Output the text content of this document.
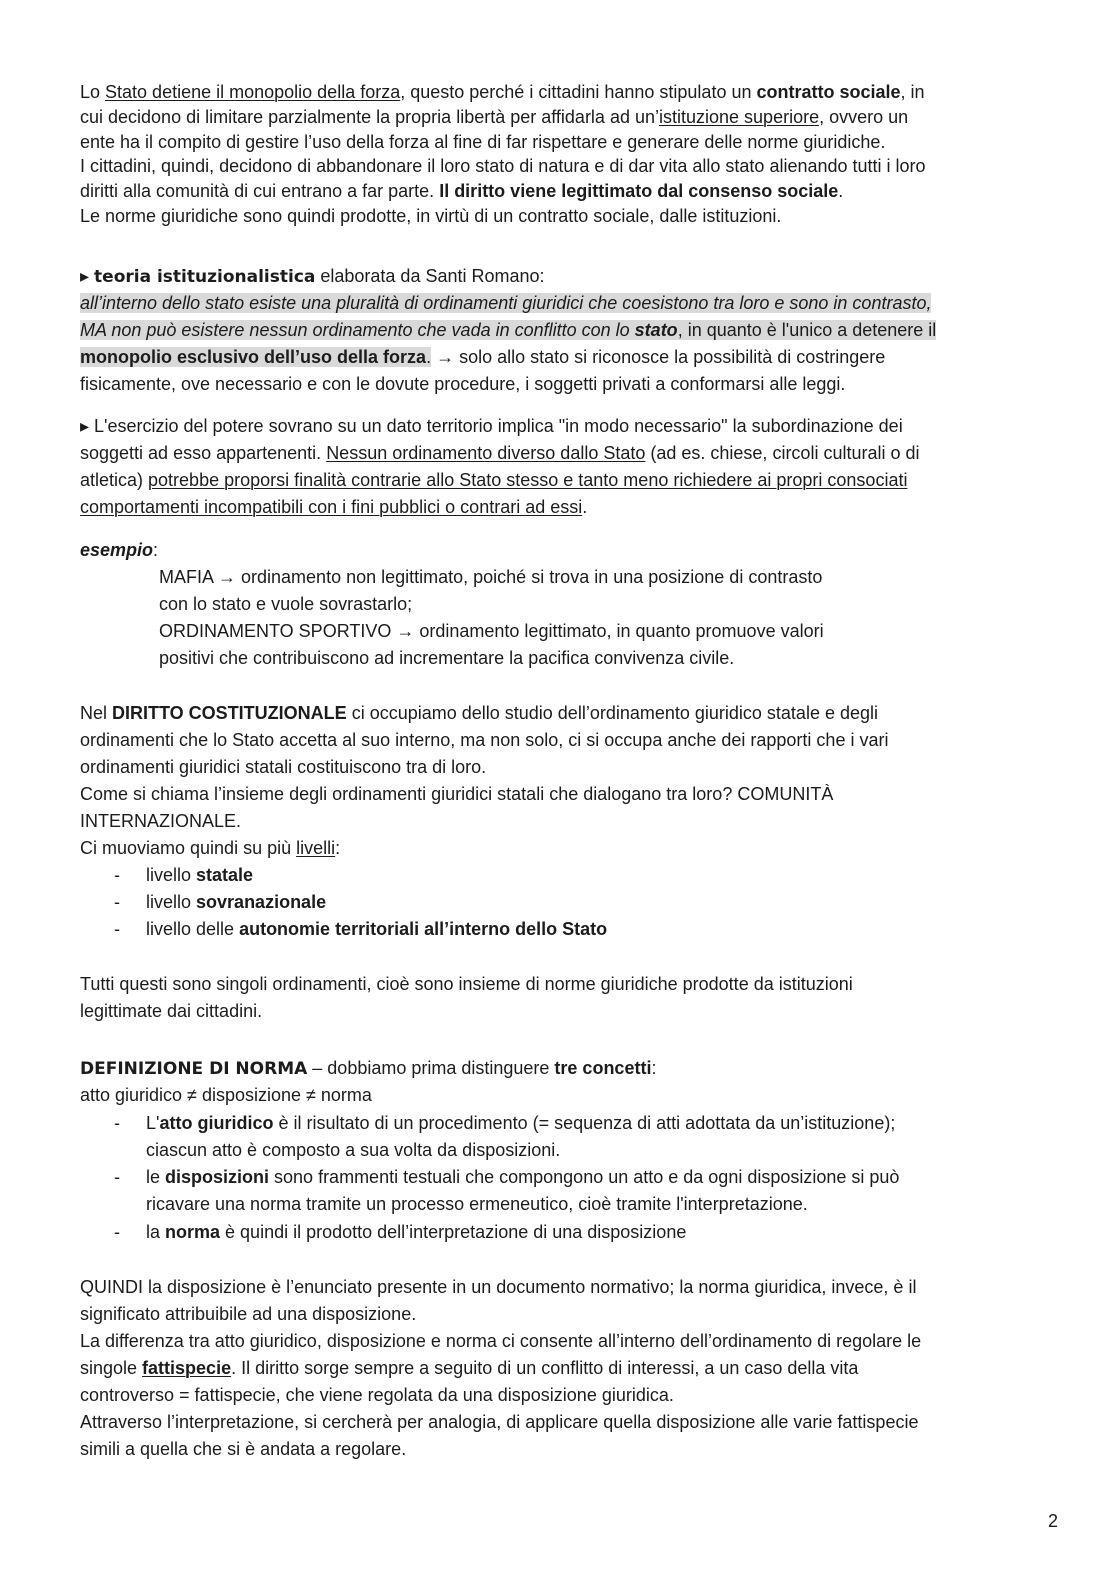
Lo Stato detiene il monopolio della forza, questo perché i cittadini hanno stipulato un contratto sociale, in
cui decidono di limitare parzialmente la propria libertà per affidarla ad un’istituzione superiore, ovvero un
ente ha il compito di gestire l’uso della forza al fine di far rispettare e generare delle norme giuridiche.
I cittadini, quindi, decidono di abbandonare il loro stato di natura e di dar vita allo stato alienando tutti i loro
diritti alla comunità di cui entrano a far parte. Il diritto viene legittimato dal consenso sociale.
Le norme giuridiche sono quindi prodotte, in virtù di un contratto sociale, dalle istituzioni.
▸ teoria istituzionalistica elaborata da Santi Romano:
all’interno dello stato esiste una pluralità di ordinamenti giuridici che coesistono tra loro e sono in contrasto,
MA non può esistere nessun ordinamento che vada in conflitto con lo stato, in quanto è l'unico a detenere il
monopolio esclusivo dell’uso della forza. → solo allo stato si riconosce la possibilità di costringere
fisicamente, ove necessario e con le dovute procedure, i soggetti privati a conformarsi alle leggi.
▸ L'esercizio del potere sovrano su un dato territorio implica "in modo necessario" la subordinazione dei
soggetti ad esso appartenenti. Nessun ordinamento diverso dallo Stato (ad es. chiese, circoli culturali o di
atletica) potrebbe proporsi finalità contrarie allo Stato stesso e tanto meno richiedere ai propri consociati
comportamenti incompatibili con i fini pubblici o contrari ad essi.
esempio:
MAFIA → ordinamento non legittimato, poiché si trova in una posizione di contrasto
con lo stato e vuole sovrastarlo;
ORDINAMENTO SPORTIVO → ordinamento legittimato, in quanto promuove valori
positivi che contribuiscono ad incrementare la pacifica convivenza civile.
Nel DIRITTO COSTITUZIONALE ci occupiamo dello studio dell’ordinamento giuridico statale e degli
ordinamenti che lo Stato accetta al suo interno, ma non solo, ci si occupa anche dei rapporti che i vari
ordinamenti giuridici statali costituiscono tra di loro.
Come si chiama l’insieme degli ordinamenti giuridici statali che dialogano tra loro? COMUNITÀ
INTERNAZIONALE.
Ci muoviamo quindi su più livelli:
- livello statale
- livello sovranazionale
- livello delle autonomie territoriali all’interno dello Stato
Tutti questi sono singoli ordinamenti, cioè sono insieme di norme giuridiche prodotte da istituzioni
legittimate dai cittadini.
DEFINIZIONE DI NORMA – dobbiamo prima distinguere tre concetti:
atto giuridico ≠ disposizione ≠ norma
- L'atto giuridico è il risultato di un procedimento (= sequenza di atti adottata da un’istituzione);
ciascun atto è composto a sua volta da disposizioni.
- le disposizioni sono frammenti testuali che compongono un atto e da ogni disposizione si può
ricavare una norma tramite un processo ermeneutico, cioè tramite l'interpretazione.
- la norma è quindi il prodotto dell’interpretazione di una disposizione
QUINDI la disposizione è l’enunciato presente in un documento normativo; la norma giuridica, invece, è il
significato attribuibile ad una disposizione.
La differenza tra atto giuridico, disposizione e norma ci consente all’interno dell’ordinamento di regolare le
singole fattispecie. Il diritto sorge sempre a seguito di un conflitto di interessi, a un caso della vita
controverso = fattispecie, che viene regolata da una disposizione giuridica.
Attraverso l’interpretazione, si cercherà per analogia, di applicare quella disposizione alle varie fattispecie
simili a quella che si è andata a regolare.
2
